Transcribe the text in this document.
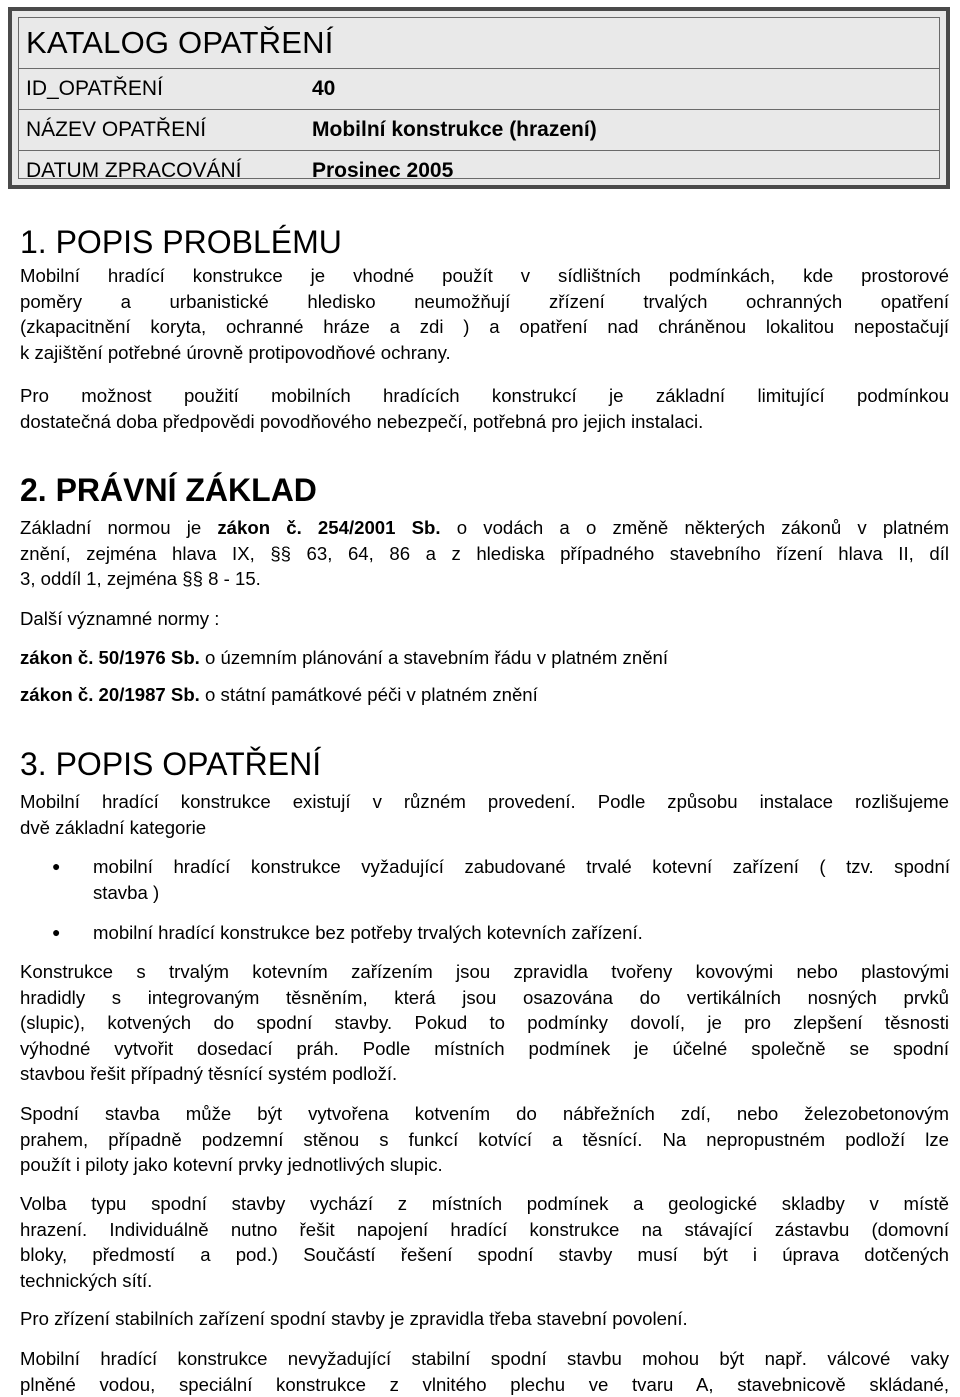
KATALOG OPATŘENÍ
ID_OPATŘENÍ	40
NÁZEV OPATŘENÍ	Mobilní konstrukce (hrazení)
DATUM ZPRACOVÁNÍ	Prosinec 2005
1. POPIS PROBLÉMU
Mobilní hradící konstrukce je vhodné použít v sídlištních podmínkách, kde prostorové
poměry a urbanistické hledisko neumožňují zřízení trvalých ochranných opatření
(zkapacitnění koryta, ochranné hráze a zdi ) a opatření nad chráněnou lokalitou nepostačují
k zajištění potřebné úrovně protipovodňové ochrany.
Pro možnost použití mobilních hradících konstrukcí je základní limitující podmínkou
dostatečná doba předpovědi povodňového nebezpečí, potřebná pro jejich instalaci.
2. PRÁVNÍ ZÁKLAD
Základní normou je zákon č. 254/2001 Sb. o vodách a o změně některých zákonů v platném
znění, zejména hlava IX, §§ 63, 64, 86 a z hlediska případného stavebního řízení hlava II, díl
3, oddíl 1, zejména §§ 8 - 15.
Další významné normy :
zákon č. 50/1976 Sb. o územním plánování a stavebním řádu v platném znění
zákon č. 20/1987 Sb. o státní památkové péči v platném znění
3. POPIS OPATŘENÍ
Mobilní hradící konstrukce existují v různém provedení. Podle způsobu instalace rozlišujeme
dvě základní kategorie
● mobilní hradící konstrukce vyžadující zabudované trvalé kotevní zařízení ( tzv. spodní
stavba )
● mobilní hradící konstrukce bez potřeby trvalých kotevních zařízení.
Konstrukce s trvalým kotevním zařízením jsou zpravidla tvořeny kovovými nebo plastovými
hradidly s integrovaným těsněním, která jsou osazována do vertikálních nosných prvků
(slupic), kotvených do spodní stavby. Pokud to podmínky dovolí, je pro zlepšení těsnosti
výhodné vytvořit dosedací práh. Podle místních podmínek je účelné společně se spodní
stavbou řešit případný těsnící systém podloží.
Spodní stavba může být vytvořena kotvením do nábřežních zdí, nebo železobetonovým
prahem, případně podzemní stěnou s funkcí kotvící a těsnící. Na nepropustném podloží lze
použít i piloty jako kotevní prvky jednotlivých slupic.
Volba typu spodní stavby vychází z místních podmínek a geologické skladby v místě
hrazení. Individuálně nutno řešit napojení hradící konstrukce na stávající zástavbu (domovní
bloky, předmostí a pod.) Součástí řešení spodní stavby musí být i úprava dotčených
technických sítí.
Pro zřízení stabilních zařízení spodní stavby je zpravidla třeba stavební povolení.
Mobilní hradící konstrukce nevyžadující stabilní spodní stavbu mohou být např. válcové vaky
plněné vodou, speciální konstrukce z vlnitého plechu ve tvaru A, stavebnicově skládané,
